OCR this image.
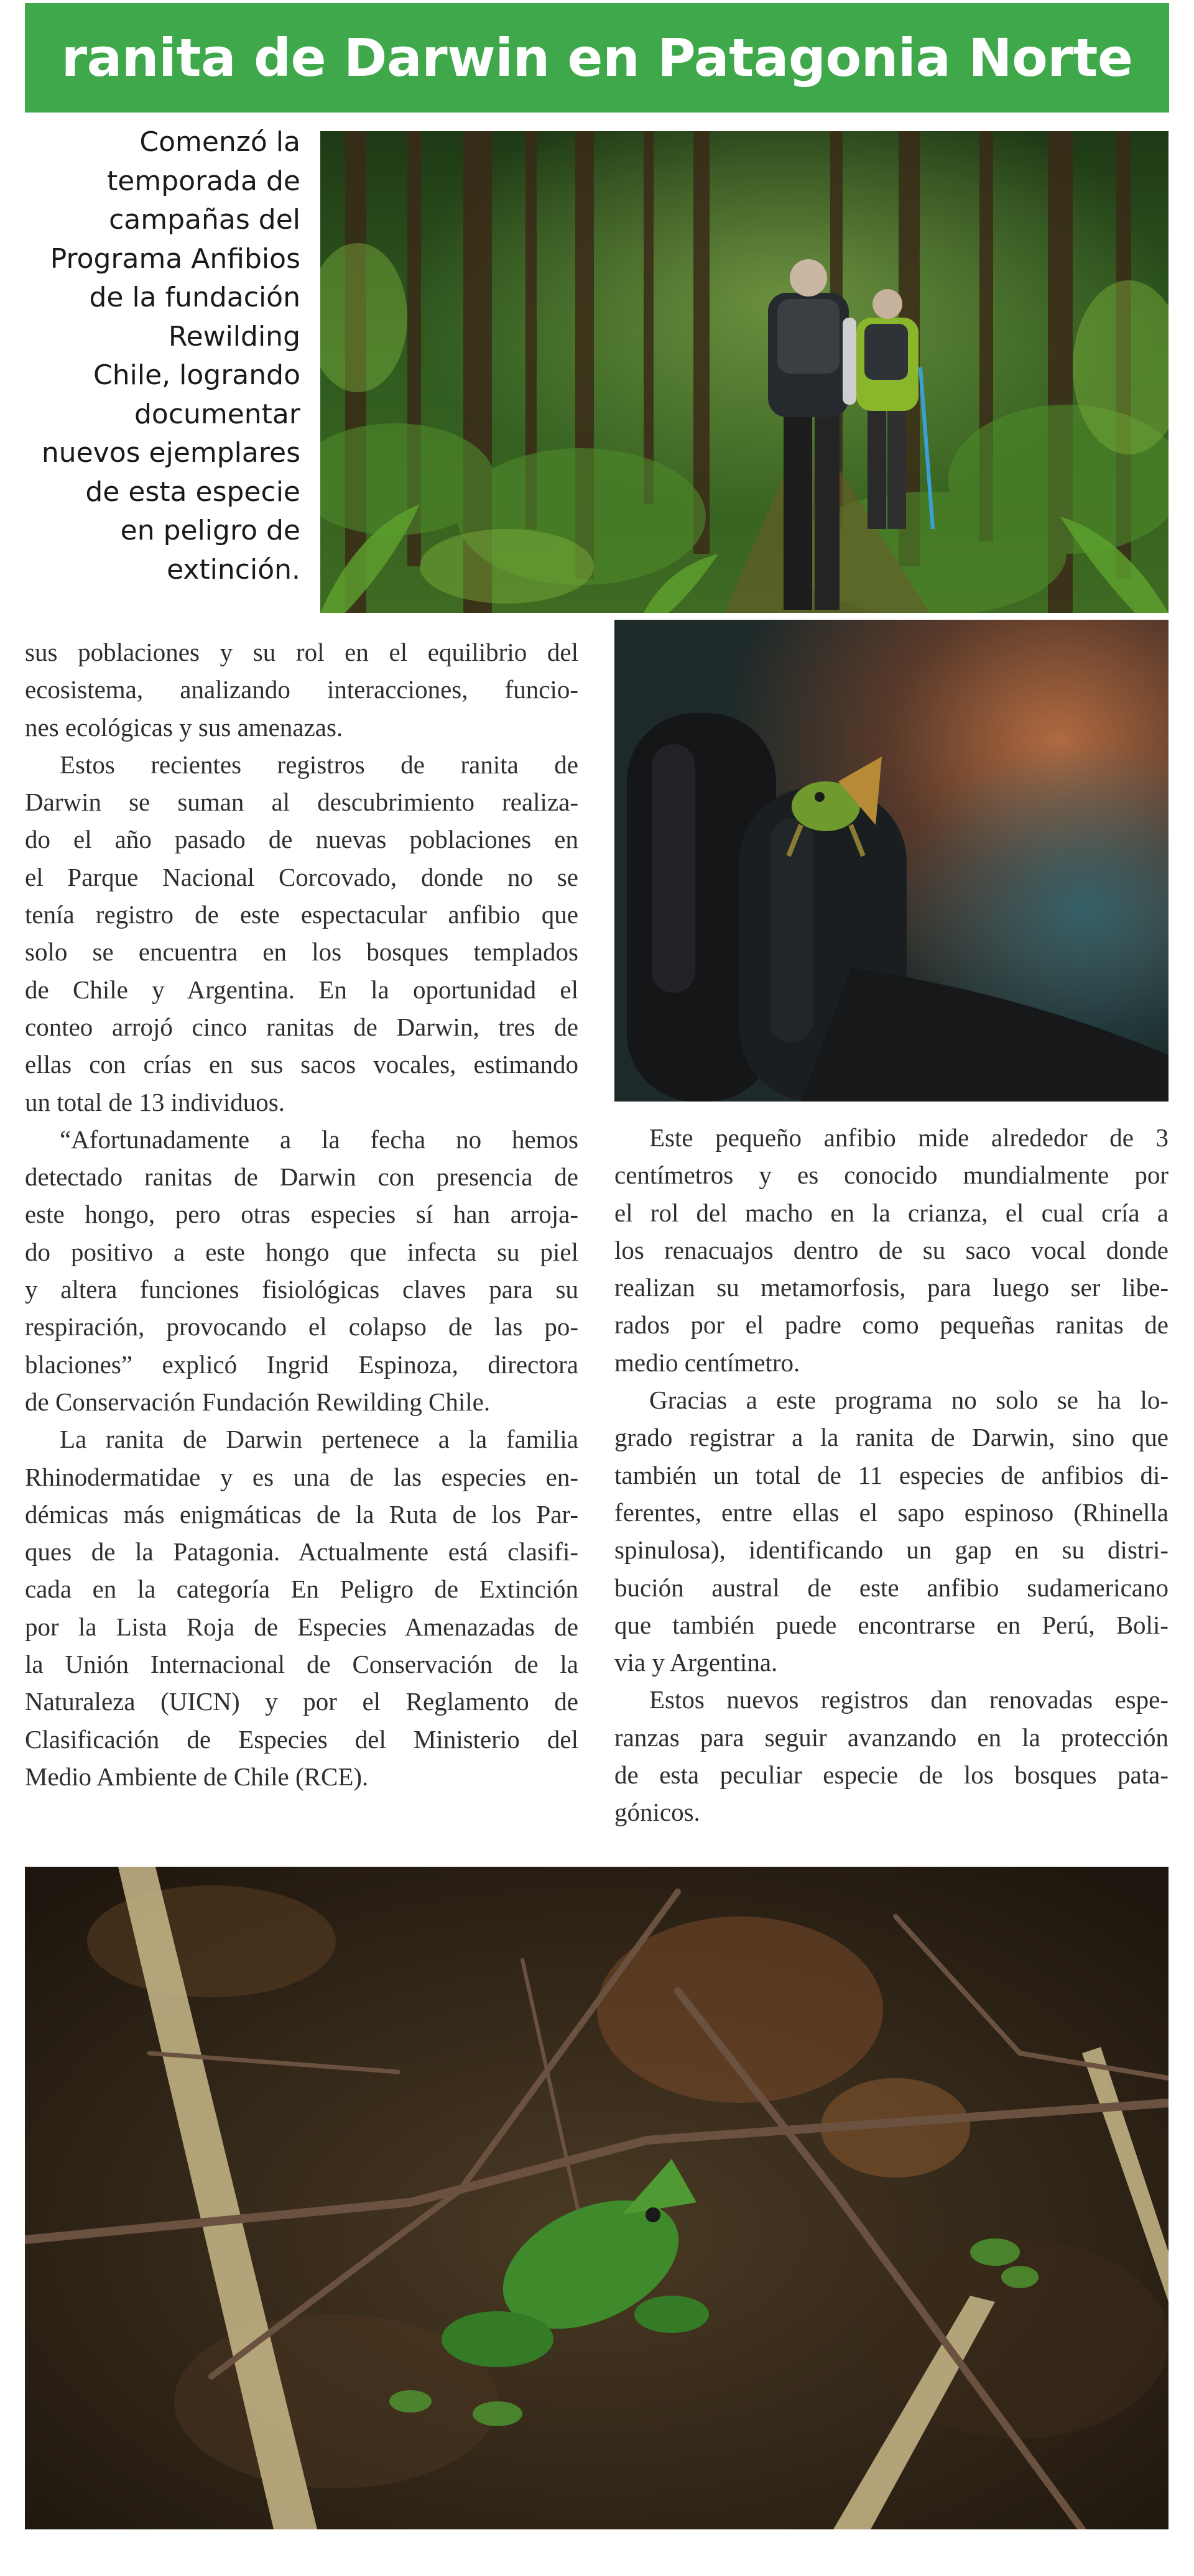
ranita de Darwin en Patagonia Norte
Comenzó la
temporada de
campañas del
Programa Anfibios
de la fundación
Rewilding
Chile, logrando
documentar
nuevos ejemplares
de esta especie
en peligro de
extinción.
sus poblaciones y su rol en el equilibrio del
ecosistema, analizando interacciones, funcio-
nes ecológicas y sus amenazas.
Estos recientes registros de ranita de
Darwin se suman al descubrimiento realiza-
do el año pasado de nuevas poblaciones en
el Parque Nacional Corcovado, donde no se
tenía registro de este espectacular anfibio que
solo se encuentra en los bosques templados
de Chile y Argentina. En la oportunidad el
conteo arrojó cinco ranitas de Darwin, tres de
ellas con crías en sus sacos vocales, estimando
un total de 13 individuos.
“Afortunadamente a la fecha no hemos
detectado ranitas de Darwin con presencia de
este hongo, pero otras especies sí han arroja-
do positivo a este hongo que infecta su piel
y altera funciones fisiológicas claves para su
respiración, provocando el colapso de las po-
blaciones” explicó Ingrid Espinoza, directora
de Conservación Fundación Rewilding Chile.
La ranita de Darwin pertenece a la familia
Rhinodermatidae y es una de las especies en-
démicas más enigmáticas de la Ruta de los Par-
ques de la Patagonia. Actualmente está clasifi-
cada en la categoría En Peligro de Extinción
por la Lista Roja de Especies Amenazadas de
la Unión Internacional de Conservación de la
Naturaleza (UICN) y por el Reglamento de
Clasificación de Especies del Ministerio del
Medio Ambiente de Chile (RCE).
Este pequeño anfibio mide alrededor de 3
centímetros y es conocido mundialmente por
el rol del macho en la crianza, el cual cría a
los renacuajos dentro de su saco vocal donde
realizan su metamorfosis, para luego ser libe-
rados por el padre como pequeñas ranitas de
medio centímetro.
Gracias a este programa no solo se ha lo-
grado registrar a la ranita de Darwin, sino que
también un total de 11 especies de anfibios di-
ferentes, entre ellas el sapo espinoso (Rhinella
spinulosa), identificando un gap en su distri-
bución austral de este anfibio sudamericano
que también puede encontrarse en Perú, Boli-
via y Argentina.
Estos nuevos registros dan renovadas espe-
ranzas para seguir avanzando en la protección
de esta peculiar especie de los bosques pata-
gónicos.
